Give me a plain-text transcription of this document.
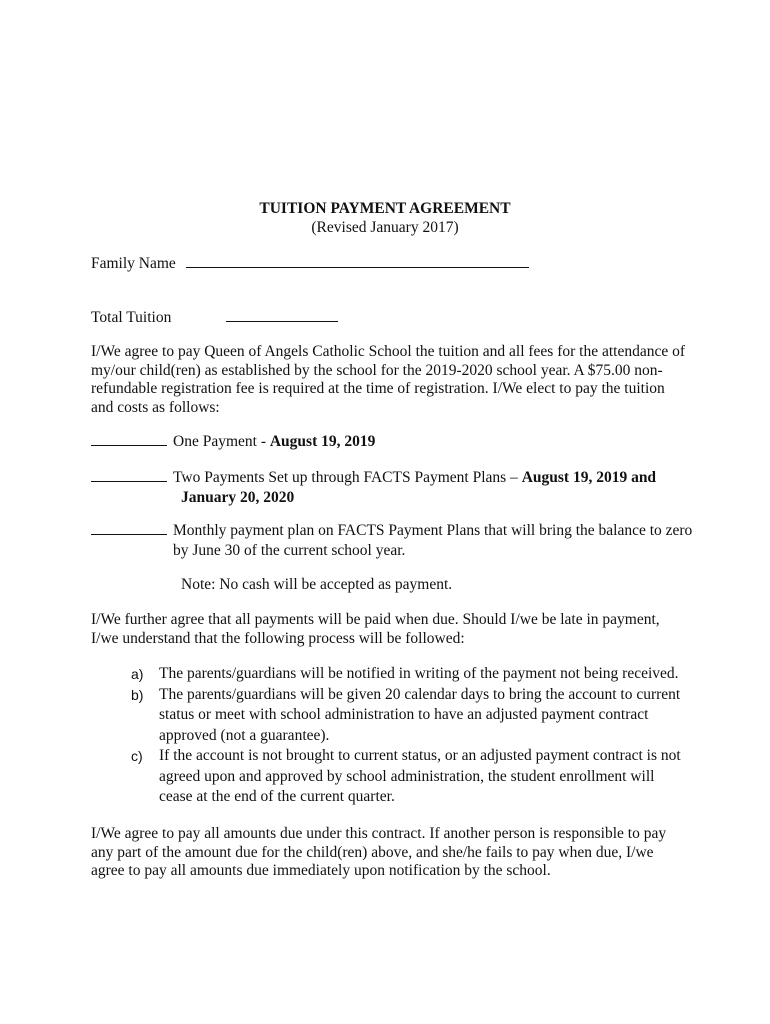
TUITION PAYMENT AGREEMENT
(Revised January 2017)
Family Name
Total Tuition
I/We agree to pay Queen of Angels Catholic School the tuition and all fees for the attendance of my/our child(ren) as established by the school for the 2019-2020 school year. A $75.00 non-refundable registration fee is required at the time of registration. I/We elect to pay the tuition and costs as follows:
One Payment - August 19, 2019
Two Payments Set up through FACTS Payment Plans – August 19, 2019 and
January 20, 2020
Monthly payment plan on FACTS Payment Plans that will bring the balance to zero by June 30 of the current school year.
Note: No cash will be accepted as payment.
I/We further agree that all payments will be paid when due. Should I/we be late in payment, I/we understand that the following process will be followed:
a) The parents/guardians will be notified in writing of the payment not being received.
b) The parents/guardians will be given 20 calendar days to bring the account to current status or meet with school administration to have an adjusted payment contract approved (not a guarantee).
c) If the account is not brought to current status, or an adjusted payment contract is not agreed upon and approved by school administration, the student enrollment will cease at the end of the current quarter.
I/We agree to pay all amounts due under this contract. If another person is responsible to pay any part of the amount due for the child(ren) above, and she/he fails to pay when due, I/we agree to pay all amounts due immediately upon notification by the school.
